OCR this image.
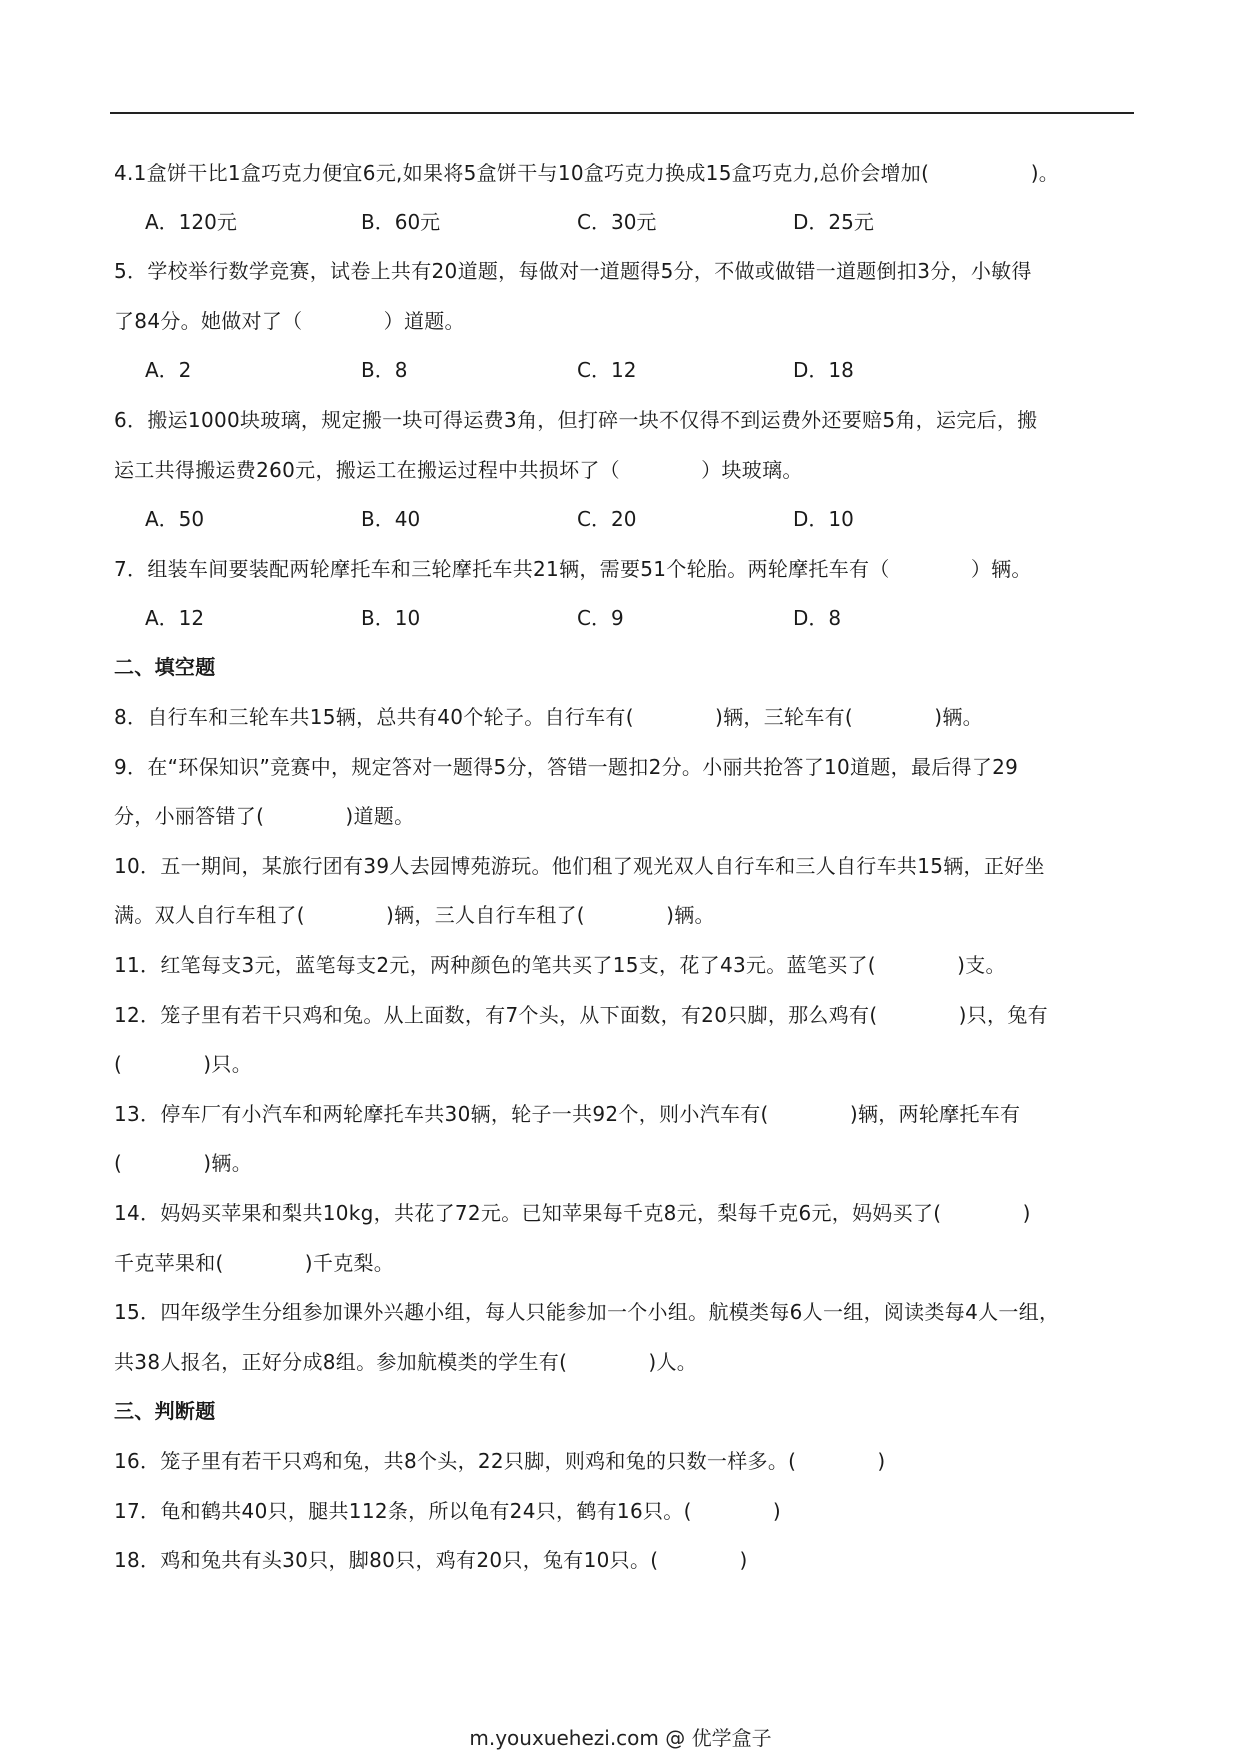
4.1盒饼干比1盒巧克力便宜6元,如果将5盒饼干与10盒巧克力换成15盒巧克力,总价会增加(　　　　　)。
A．120元	B．60元	C．30元	D．25元
5．学校举行数学竞赛，试卷上共有20道题，每做对一道题得5分，不做或做错一道题倒扣3分，小敏得
了84分。她做对了（　　　　）道题。
A．2	B．8	C．12	D．18
6．搬运1000块玻璃，规定搬一块可得运费3角，但打碎一块不仅得不到运费外还要赔5角，运完后，搬
运工共得搬运费260元，搬运工在搬运过程中共损坏了（　　　　）块玻璃。
A．50	B．40	C．20	D．10
7．组装车间要装配两轮摩托车和三轮摩托车共21辆，需要51个轮胎。两轮摩托车有（　　　　）辆。
A．12	B．10	C．9	D．8
二、填空题
8．自行车和三轮车共15辆，总共有40个轮子。自行车有(　　　　)辆，三轮车有(　　　　)辆。
9．在“环保知识”竞赛中，规定答对一题得5分，答错一题扣2分。小丽共抢答了10道题，最后得了29
分，小丽答错了(　　　　)道题。
10．五一期间，某旅行团有39人去园博苑游玩。他们租了观光双人自行车和三人自行车共15辆，正好坐
满。双人自行车租了(　　　　)辆，三人自行车租了(　　　　)辆。
11．红笔每支3元，蓝笔每支2元，两种颜色的笔共买了15支，花了43元。蓝笔买了(　　　　)支。
12．笼子里有若干只鸡和兔。从上面数，有7个头，从下面数，有20只脚，那么鸡有(　　　　)只，兔有
(　　　　)只。
13．停车厂有小汽车和两轮摩托车共30辆，轮子一共92个，则小汽车有(　　　　)辆，两轮摩托车有
(　　　　)辆。
14．妈妈买苹果和梨共10kg，共花了72元。已知苹果每千克8元，梨每千克6元，妈妈买了(　　　　)
千克苹果和(　　　　)千克梨。
15．四年级学生分组参加课外兴趣小组，每人只能参加一个小组。航模类每6人一组，阅读类每4人一组，
共38人报名，正好分成8组。参加航模类的学生有(　　　　)人。
三、判断题
16．笼子里有若干只鸡和兔，共8个头，22只脚，则鸡和兔的只数一样多。(　　　　)
17．龟和鹤共40只，腿共112条，所以龟有24只，鹤有16只。(　　　　)
18．鸡和兔共有头30只，脚80只，鸡有20只，兔有10只。(　　　　)
m.youxuehezi.com @ 优学盒子
